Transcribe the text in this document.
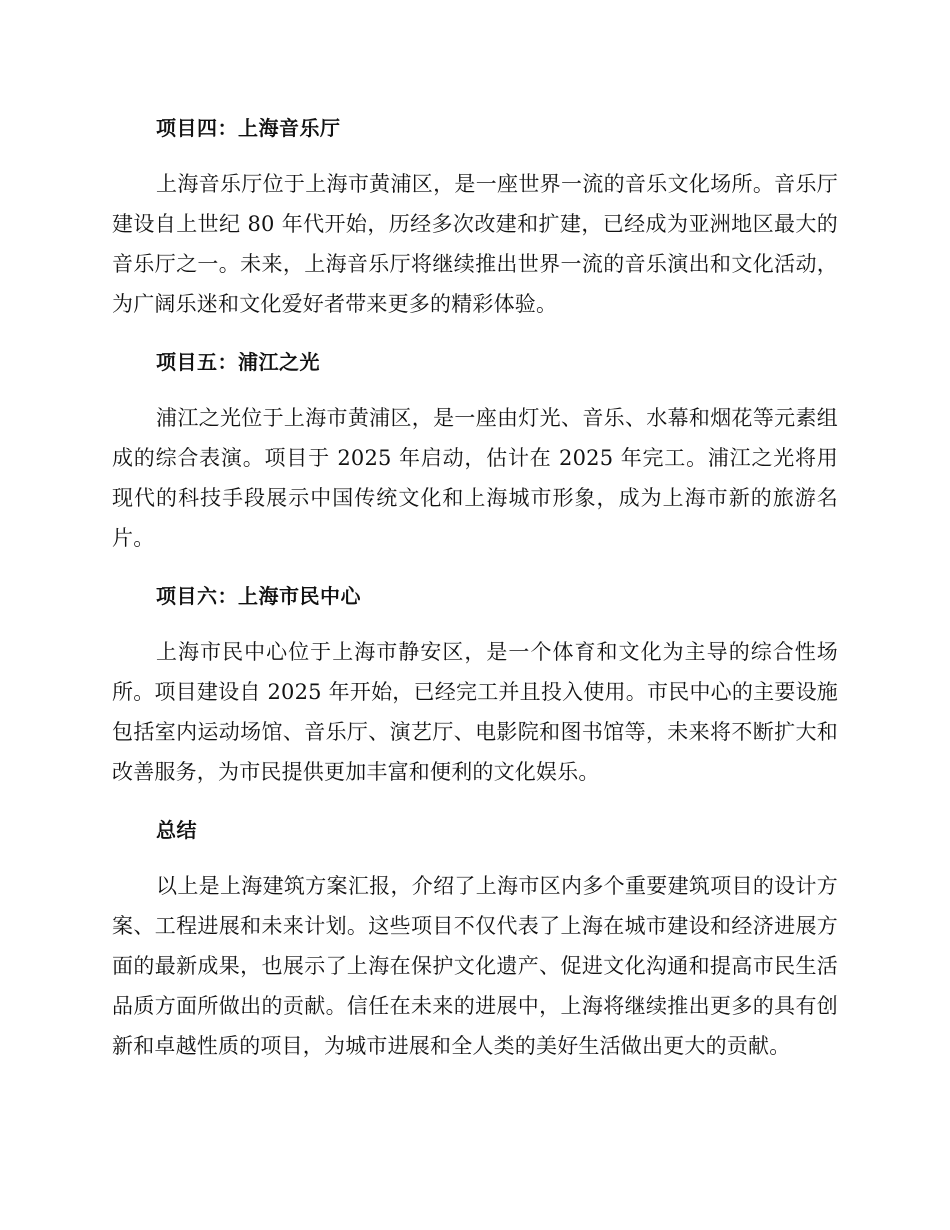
项目四：上海音乐厅

上海音乐厅位于上海市黄浦区，是一座世界一流的音乐文化场所。音乐厅建设自上世纪 80 年代开始，历经多次改建和扩建，已经成为亚洲地区最大的音乐厅之一。未来，上海音乐厅将继续推出世界一流的音乐演出和文化活动，为广阔乐迷和文化爱好者带来更多的精彩体验。

项目五：浦江之光

浦江之光位于上海市黄浦区，是一座由灯光、音乐、水幕和烟花等元素组成的综合表演。项目于 2025 年启动，估计在 2025 年完工。浦江之光将用现代的科技手段展示中国传统文化和上海城市形象，成为上海市新的旅游名片。

项目六：上海市民中心

上海市民中心位于上海市静安区，是一个体育和文化为主导的综合性场所。项目建设自 2025 年开始，已经完工并且投入使用。市民中心的主要设施包括室内运动场馆、音乐厅、演艺厅、电影院和图书馆等，未来将不断扩大和改善服务，为市民提供更加丰富和便利的文化娱乐。

总结

以上是上海建筑方案汇报，介绍了上海市区内多个重要建筑项目的设计方案、工程进展和未来计划。这些项目不仅代表了上海在城市建设和经济进展方面的最新成果，也展示了上海在保护文化遗产、促进文化沟通和提高市民生活品质方面所做出的贡献。信任在未来的进展中，上海将继续推出更多的具有创新和卓越性质的项目，为城市进展和全人类的美好生活做出更大的贡献。
